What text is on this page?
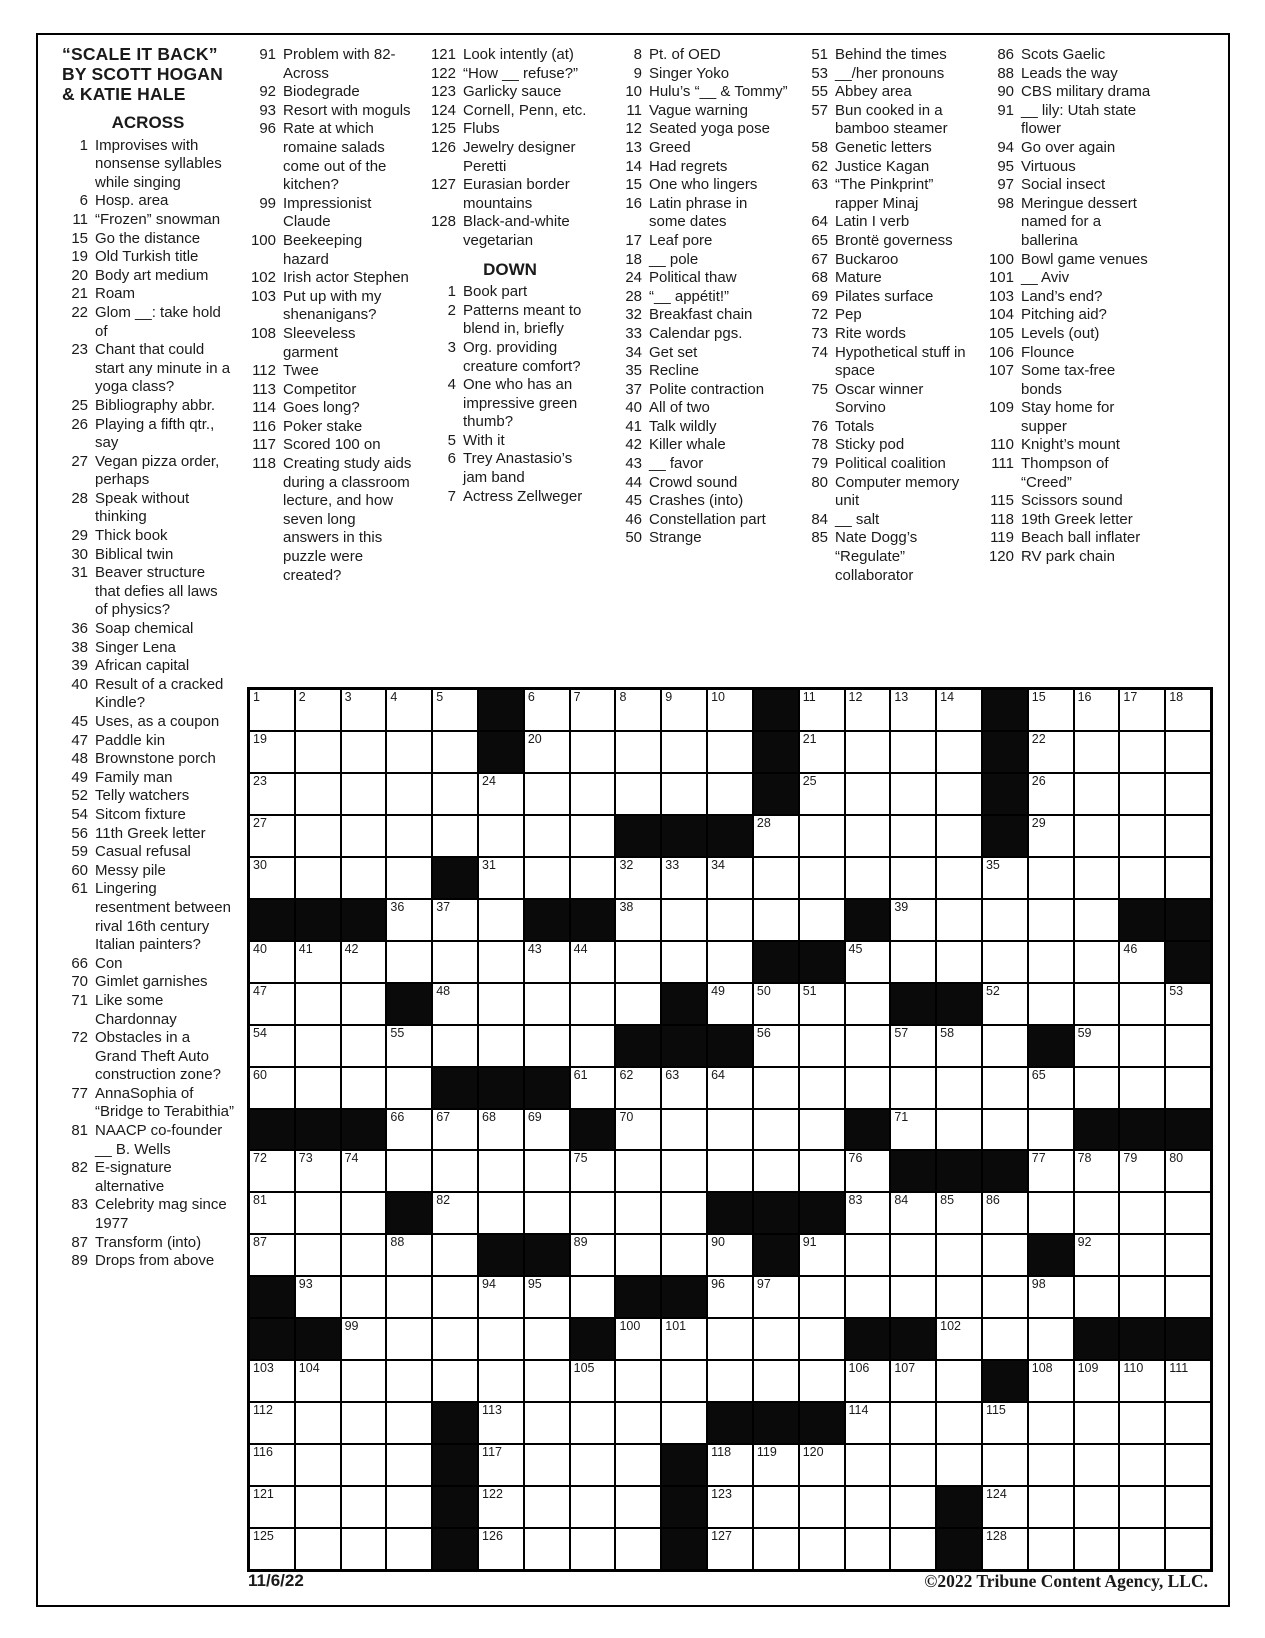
“SCALE IT BACK”
BY SCOTT HOGAN
& KATIE HALE
ACROSS
1 Improvises with nonsense syllables while singing
6 Hosp. area
11 “Frozen” snowman
15 Go the distance
19 Old Turkish title
20 Body art medium
21 Roam
22 Glom __: take hold of
23 Chant that could start any minute in a yoga class?
25 Bibliography abbr.
26 Playing a fifth qtr., say
27 Vegan pizza order, perhaps
28 Speak without thinking
29 Thick book
30 Biblical twin
31 Beaver structure that defies all laws of physics?
36 Soap chemical
38 Singer Lena
39 African capital
40 Result of a cracked Kindle?
45 Uses, as a coupon
47 Paddle kin
48 Brownstone porch
49 Family man
52 Telly watchers
54 Sitcom fixture
56 11th Greek letter
59 Casual refusal
60 Messy pile
61 Lingering resentment between rival 16th century Italian painters?
66 Con
70 Gimlet garnishes
71 Like some Chardonnay
72 Obstacles in a Grand Theft Auto construction zone?
77 AnnaSophia of “Bridge to Terabithia”
81 NAACP co-founder __ B. Wells
82 E-signature alternative
83 Celebrity mag since 1977
87 Transform (into)
89 Drops from above
91 Problem with 82-Across
92 Biodegrade
93 Resort with moguls
96 Rate at which romaine salads come out of the kitchen?
99 Impressionist Claude
100 Beekeeping hazard
102 Irish actor Stephen
103 Put up with my shenanigans?
108 Sleeveless garment
112 Twee
113 Competitor
114 Goes long?
116 Poker stake
117 Scored 100 on
118 Creating study aids during a classroom lecture, and how seven long answers in this puzzle were created?
121 Look intently (at)
122 “How __ refuse?”
123 Garlicky sauce
124 Cornell, Penn, etc.
125 Flubs
126 Jewelry designer Peretti
127 Eurasian border mountains
128 Black-and-white vegetarian
DOWN
1 Book part
2 Patterns meant to blend in, briefly
3 Org. providing creature comfort?
4 One who has an impressive green thumb?
5 With it
6 Trey Anastasio’s jam band
7 Actress Zellweger
8 Pt. of OED
9 Singer Yoko
10 Hulu’s “__ & Tommy”
11 Vague warning
12 Seated yoga pose
13 Greed
14 Had regrets
15 One who lingers
16 Latin phrase in some dates
17 Leaf pore
18 __ pole
24 Political thaw
28 “__ appétit!”
32 Breakfast chain
33 Calendar pgs.
34 Get set
35 Recline
37 Polite contraction
40 All of two
41 Talk wildly
42 Killer whale
43 __ favor
44 Crowd sound
45 Crashes (into)
46 Constellation part
50 Strange
51 Behind the times
53 __/her pronouns
55 Abbey area
57 Bun cooked in a bamboo steamer
58 Genetic letters
62 Justice Kagan
63 “The Pinkprint” rapper Minaj
64 Latin I verb
65 Brontë governess
67 Buckaroo
68 Mature
69 Pilates surface
72 Pep
73 Rite words
74 Hypothetical stuff in space
75 Oscar winner Sorvino
76 Totals
78 Sticky pod
79 Political coalition
80 Computer memory unit
84 __ salt
85 Nate Dogg’s “Regulate” collaborator
86 Scots Gaelic
88 Leads the way
90 CBS military drama
91 __ lily: Utah state flower
94 Go over again
95 Virtuous
97 Social insect
98 Meringue dessert named for a ballerina
100 Bowl game venues
101 __ Aviv
103 Land’s end?
104 Pitching aid?
105 Levels (out)
106 Flounce
107 Some tax-free bonds
109 Stay home for supper
110 Knight’s mount
111 Thompson of “Creed”
115 Scissors sound
118 19th Greek letter
119 Beach ball inflater
120 RV park chain
1	2	3	4	5	6	7	8	9	10	11	12	13	14	15	16	17	18
19	20	21	22
23	24	25	26
27	28	29
30	31	32	33	34	35
36	37	38	39
40	41	42	43	44	45	46
47	48	49	50	51	52	53
54	55	56	57	58	59
60	61	62	63	64	65
66	67	68	69	70	71
72	73	74	75	76	77	78	79	80
81	82	83	84	85	86
87	88	89	90	91	92
93	94	95	96	97	98
99	100 101	102
103 104	105	106 107	108 109 110 111
112	113	114	115
116	117	118 119 120
121	122	123	124
125	126	127	128
11/6/22	©2022 Tribune Content Agency, LLC.
